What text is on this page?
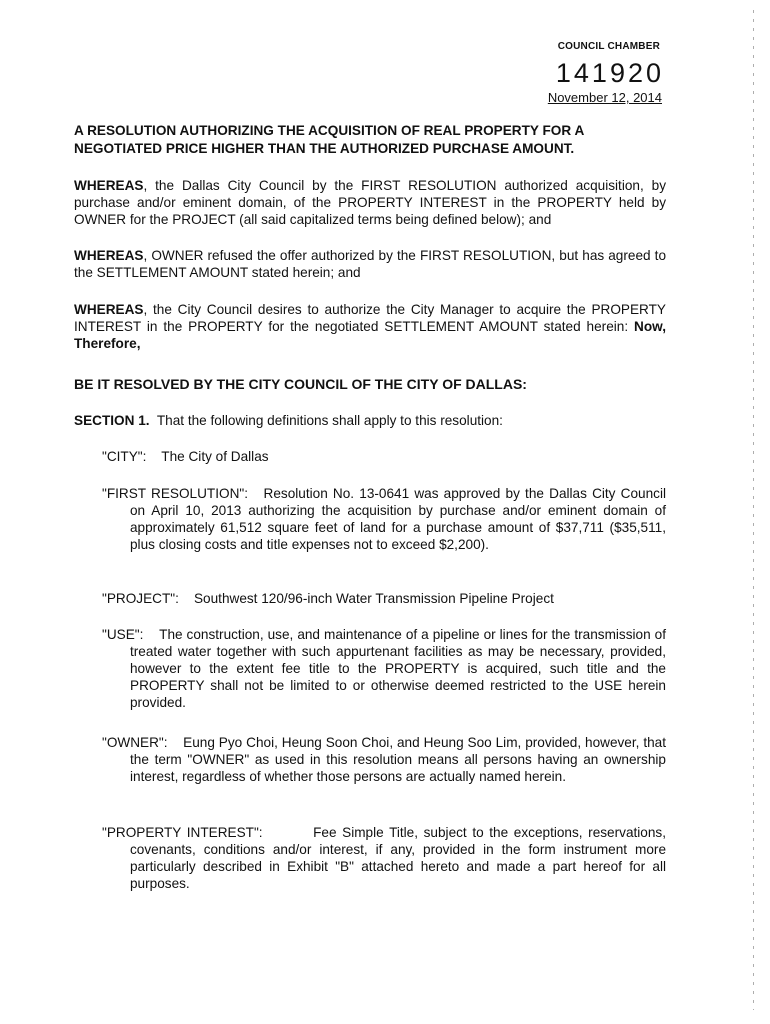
COUNCIL CHAMBER
141920
November 12, 2014
A RESOLUTION AUTHORIZING THE ACQUISITION OF REAL PROPERTY FOR A NEGOTIATED PRICE HIGHER THAN THE AUTHORIZED PURCHASE AMOUNT.
WHEREAS, the Dallas City Council by the FIRST RESOLUTION authorized acquisition, by purchase and/or eminent domain, of the PROPERTY INTEREST in the PROPERTY held by OWNER for the PROJECT (all said capitalized terms being defined below); and
WHEREAS, OWNER refused the offer authorized by the FIRST RESOLUTION, but has agreed to the SETTLEMENT AMOUNT stated herein; and
WHEREAS, the City Council desires to authorize the City Manager to acquire the PROPERTY INTEREST in the PROPERTY for the negotiated SETTLEMENT AMOUNT stated herein: Now, Therefore,
BE IT RESOLVED BY THE CITY COUNCIL OF THE CITY OF DALLAS:
SECTION 1. That the following definitions shall apply to this resolution:
"CITY": The City of Dallas
"FIRST RESOLUTION": Resolution No. 13-0641 was approved by the Dallas City Council on April 10, 2013 authorizing the acquisition by purchase and/or eminent domain of approximately 61,512 square feet of land for a purchase amount of $37,711 ($35,511, plus closing costs and title expenses not to exceed $2,200).
"PROJECT": Southwest 120/96-inch Water Transmission Pipeline Project
"USE": The construction, use, and maintenance of a pipeline or lines for the transmission of treated water together with such appurtenant facilities as may be necessary, provided, however to the extent fee title to the PROPERTY is acquired, such title and the PROPERTY shall not be limited to or otherwise deemed restricted to the USE herein provided.
"OWNER": Eung Pyo Choi, Heung Soon Choi, and Heung Soo Lim, provided, however, that the term "OWNER" as used in this resolution means all persons having an ownership interest, regardless of whether those persons are actually named herein.
"PROPERTY INTEREST":	Fee Simple Title, subject to the exceptions, reservations, covenants, conditions and/or interest, if any, provided in the form instrument more particularly described in Exhibit "B" attached hereto and made a part hereof for all purposes.
